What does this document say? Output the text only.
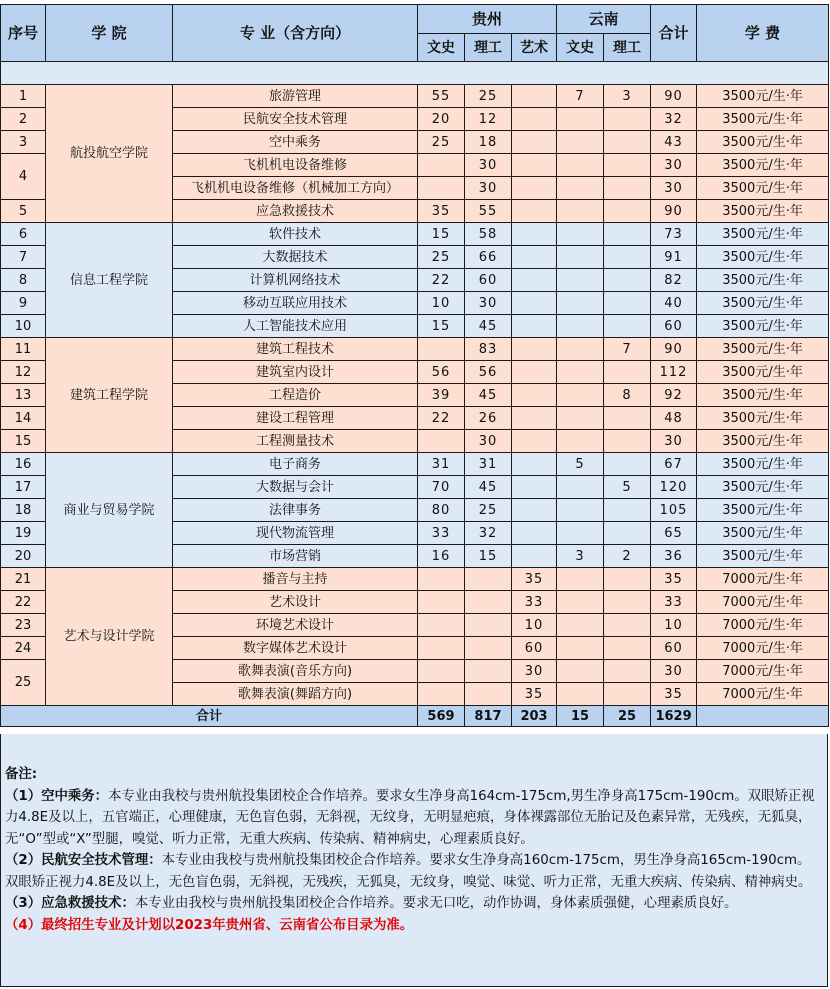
序号	学 院	专 业（含方向）	贵州			云南		合计	学 费
			文史	理工	艺术	文史	理工		

1	航投航空学院	旅游管理	55	25		7	3	90	3500元/生·年
2		民航安全技术管理	20	12				32	3500元/生·年
3		空中乘务	25	18				43	3500元/生·年
4		飞机机电设备维修		30				30	3500元/生·年
		飞机机电设备维修（机械加工方向）		30				30	3500元/生·年
5		应急救援技术	35	55				90	3500元/生·年
6	信息工程学院	软件技术	15	58				73	3500元/生·年
7		大数据技术	25	66				91	3500元/生·年
8		计算机网络技术	22	60				82	3500元/生·年
9		移动互联应用技术	10	30				40	3500元/生·年
10		人工智能技术应用	15	45				60	3500元/生·年
11	建筑工程学院	建筑工程技术		83			7	90	3500元/生·年
12		建筑室内设计	56	56				112	3500元/生·年
13		工程造价	39	45			8	92	3500元/生·年
14		建设工程管理	22	26				48	3500元/生·年
15		工程测量技术		30				30	3500元/生·年
16	商业与贸易学院	电子商务	31	31		5		67	3500元/生·年
17		大数据与会计	70	45			5	120	3500元/生·年
18		法律事务	80	25				105	3500元/生·年
19		现代物流管理	33	32				65	3500元/生·年
20		市场营销	16	15		3	2	36	3500元/生·年
21	艺术与设计学院	播音与主持			35			35	7000元/生·年
22		艺术设计			33			33	7000元/生·年
23		环境艺术设计			10			10	7000元/生·年
24		数字媒体艺术设计			60			60	7000元/生·年
25		歌舞表演(音乐方向)			30			30	7000元/生·年
		歌舞表演(舞蹈方向)			35			35	7000元/生·年
合计			569	817	203	15	25	1629	

备注:

（1）空中乘务：本专业由我校与贵州航投集团校企合作培养。要求女生净身高164cm-175cm,男生净身高175cm-190cm。双眼矫正视力4.8E及以上，五官端正，心理健康，无色盲色弱，无斜视，无纹身，无明显疤痕，身体裸露部位无胎记及色素异常，无残疾，无狐臭，无“O”型或“X”型腿，嗅觉、听力正常，无重大疾病、传染病、精神病史，心理素质良好。

（2）民航安全技术管理：本专业由我校与贵州航投集团校企合作培养。要求女生净身高160cm-175cm，男生净身高165cm-190cm。双眼矫正视力4.8E及以上，无色盲色弱，无斜视，无残疾，无狐臭，无纹身，嗅觉、味觉、听力正常，无重大疾病、传染病、精神病史。

（3）应急救援技术：本专业由我校与贵州航投集团校企合作培养。要求无口吃，动作协调，身体素质强健，心理素质良好。

（4）最终招生专业及计划以2023年贵州省、云南省公布目录为准。
